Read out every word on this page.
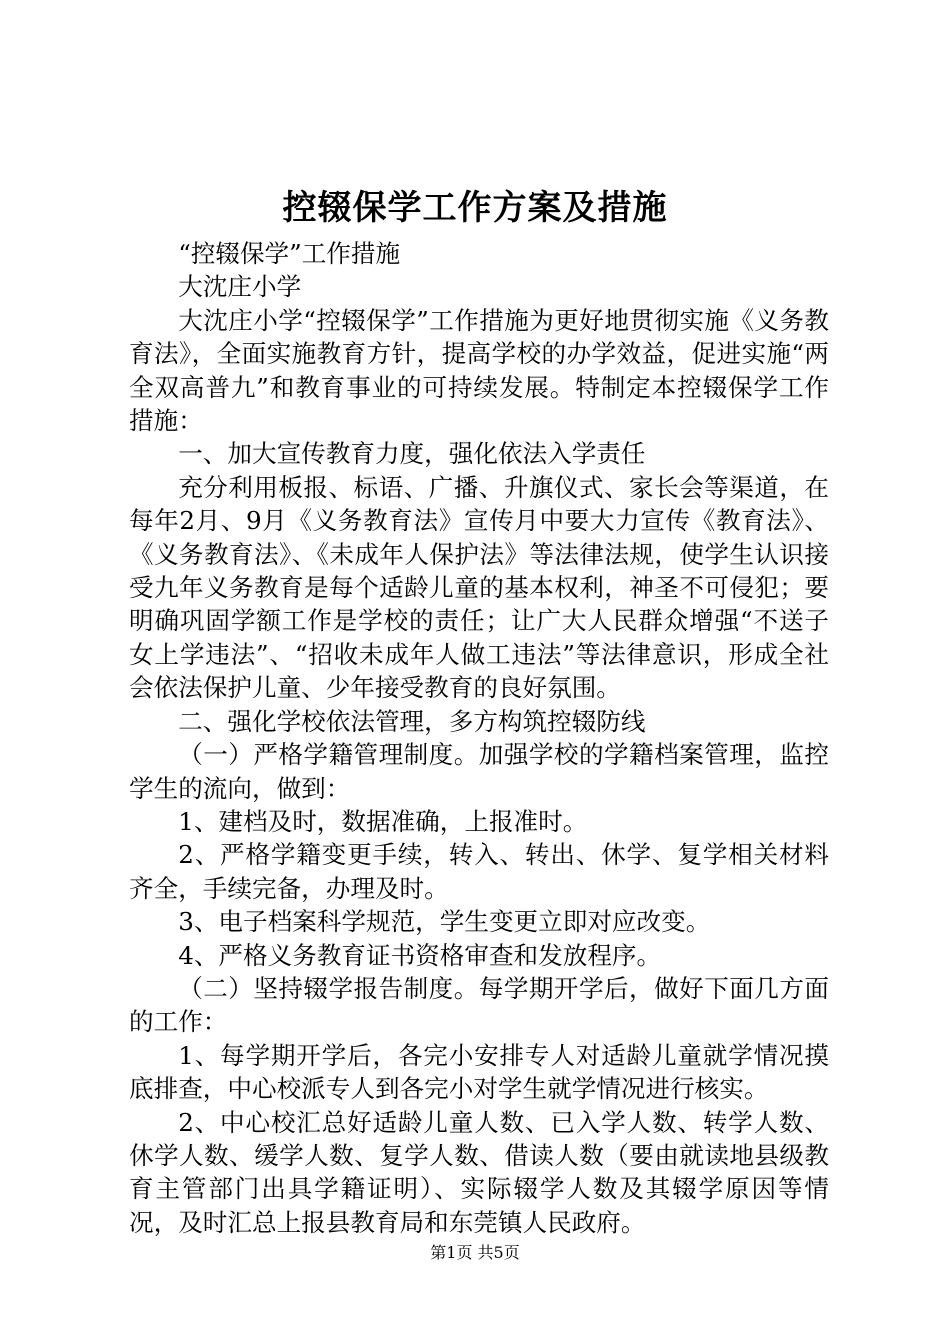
控辍保学工作方案及措施

“控辍保学”工作措施

大沈庄小学

大沈庄小学“控辍保学”工作措施为更好地贯彻实施《义务教育法》，全面实施教育方针，提高学校的办学效益，促进实施“两全双高普九”和教育事业的可持续发展。特制定本控辍保学工作措施：

一、加大宣传教育力度，强化依法入学责任

充分利用板报、标语、广播、升旗仪式、家长会等渠道，在每年2月、9月《义务教育法》宣传月中要大力宣传《教育法》、《义务教育法》、《未成年人保护法》等法律法规，使学生认识接受九年义务教育是每个适龄儿童的基本权利，神圣不可侵犯；要明确巩固学额工作是学校的责任；让广大人民群众增强“不送子女上学违法”、“招收未成年人做工违法”等法律意识，形成全社会依法保护儿童、少年接受教育的良好氛围。

二、强化学校依法管理，多方构筑控辍防线

（一）严格学籍管理制度。加强学校的学籍档案管理，监控学生的流向，做到：

1、建档及时，数据准确，上报准时。

2、严格学籍变更手续，转入、转出、休学、复学相关材料齐全，手续完备，办理及时。

3、电子档案科学规范，学生变更立即对应改变。

4、严格义务教育证书资格审查和发放程序。

（二）坚持辍学报告制度。每学期开学后，做好下面几方面的工作：

1、每学期开学后，各完小安排专人对适龄儿童就学情况摸底排查，中心校派专人到各完小对学生就学情况进行核实。

2、中心校汇总好适龄儿童人数、已入学人数、转学人数、休学人数、缓学人数、复学人数、借读人数（要由就读地县级教育主管部门出具学籍证明）、实际辍学人数及其辍学原因等情况，及时汇总上报县教育局和东莞镇人民政府。

第1页 共5页
